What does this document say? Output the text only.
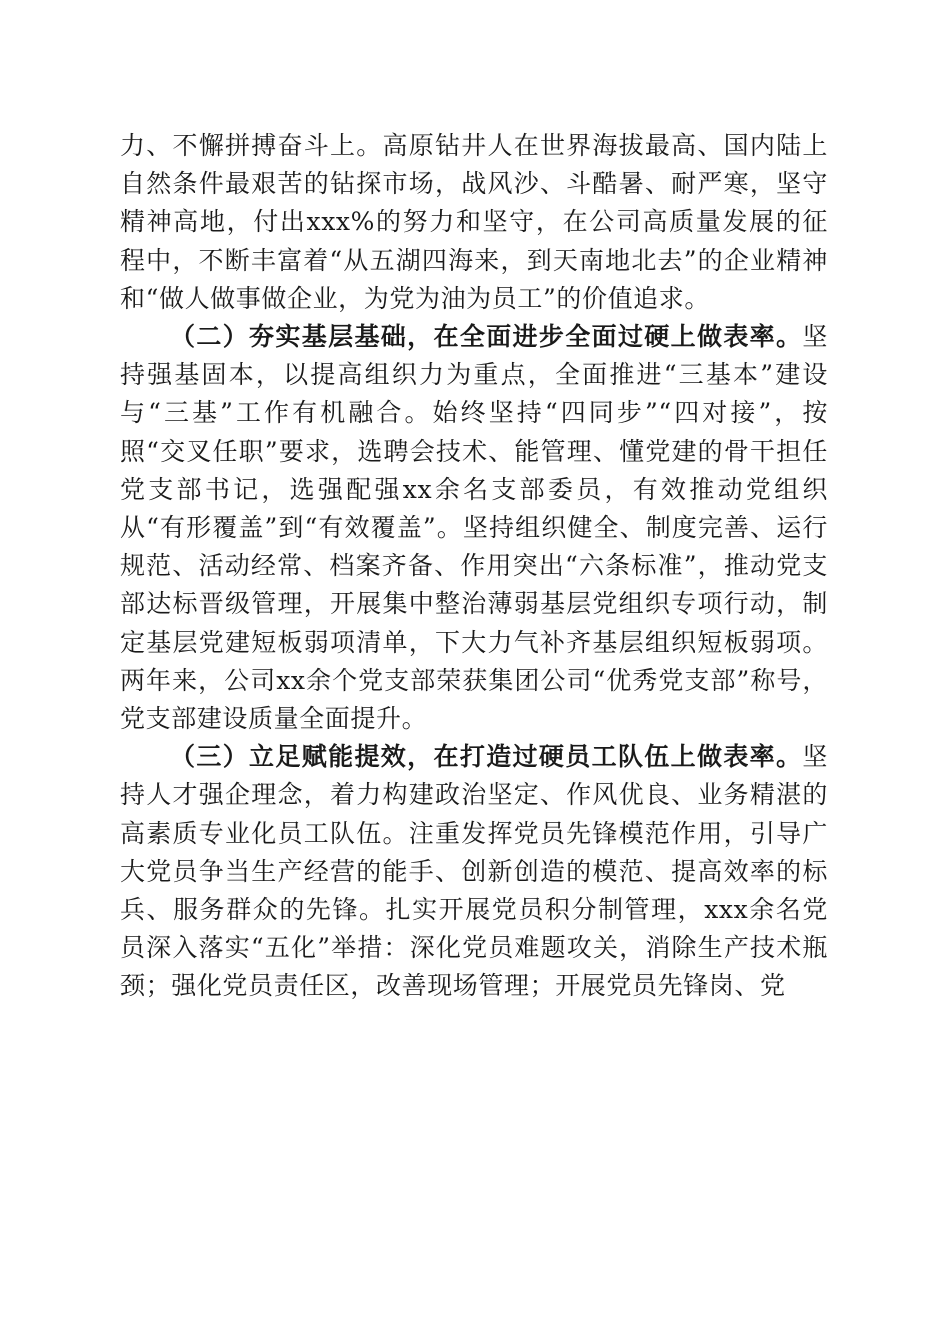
力、不懈拼搏奋斗上。高原钻井人在世界海拔最高、国内陆上自然条件最艰苦的钻探市场，战风沙、斗酷暑、耐严寒，坚守精神高地，付出xxx%的努力和坚守，在公司高质量发展的征程中，不断丰富着“从五湖四海来，到天南地北去”的企业精神和“做人做事做企业，为党为油为员工”的价值追求。

（二）夯实基层基础，在全面进步全面过硬上做表率。坚持强基固本，以提高组织力为重点，全面推进“三基本”建设与“三基”工作有机融合。始终坚持“四同步”“四对接”，按照“交叉任职”要求，选聘会技术、能管理、懂党建的骨干担任党支部书记，选强配强xx余名支部委员，有效推动党组织从“有形覆盖”到“有效覆盖”。坚持组织健全、制度完善、运行规范、活动经常、档案齐备、作用突出“六条标准”，推动党支部达标晋级管理，开展集中整治薄弱基层党组织专项行动，制定基层党建短板弱项清单，下大力气补齐基层组织短板弱项。两年来，公司xx余个党支部荣获集团公司“优秀党支部”称号，党支部建设质量全面提升。

（三）立足赋能提效，在打造过硬员工队伍上做表率。坚持人才强企理念，着力构建政治坚定、作风优良、业务精湛的高素质专业化员工队伍。注重发挥党员先锋模范作用，引导广大党员争当生产经营的能手、创新创造的模范、提高效率的标兵、服务群众的先锋。扎实开展党员积分制管理，xxx余名党员深入落实“五化”举措：深化党员难题攻关，消除生产技术瓶颈；强化党员责任区，改善现场管理；开展党员先锋岗、党
